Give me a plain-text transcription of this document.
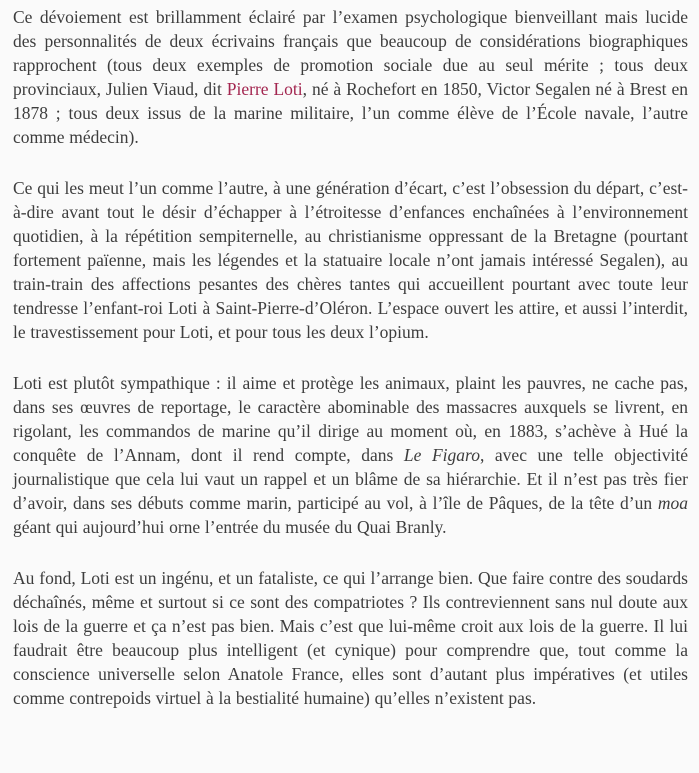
Ce dévoiement est brillamment éclairé par l’examen psychologique bienveillant mais lucide des personnalités de deux écrivains français que beaucoup de considérations biographiques rapprochent (tous deux exemples de promotion sociale due au seul mérite ; tous deux provinciaux, Julien Viaud, dit Pierre Loti, né à Rochefort en 1850, Victor Segalen né à Brest en 1878 ; tous deux issus de la marine militaire, l’un comme élève de l’École navale, l’autre comme médecin).

Ce qui les meut l’un comme l’autre, à une génération d’écart, c’est l’obsession du départ, c’est-à-dire avant tout le désir d’échapper à l’étroitesse d’enfances enchaînées à l’environnement quotidien, à la répétition sempiternelle, au christianisme oppressant de la Bretagne (pourtant fortement païenne, mais les légendes et la statuaire locale n’ont jamais intéressé Segalen), au train-train des affections pesantes des chères tantes qui accueillent pourtant avec toute leur tendresse l’enfant-roi Loti à Saint-Pierre-d’Oléron. L’espace ouvert les attire, et aussi l’interdit, le travestissement pour Loti, et pour tous les deux l’opium.

Loti est plutôt sympathique : il aime et protège les animaux, plaint les pauvres, ne cache pas, dans ses œuvres de reportage, le caractère abominable des massacres auxquels se livrent, en rigolant, les commandos de marine qu’il dirige au moment où, en 1883, s’achève à Hué la conquête de l’Annam, dont il rend compte, dans Le Figaro, avec une telle objectivité journalistique que cela lui vaut un rappel et un blâme de sa hiérarchie. Et il n’est pas très fier d’avoir, dans ses débuts comme marin, participé au vol, à l’île de Pâques, de la tête d’un moa géant qui aujourd’hui orne l’entrée du musée du Quai Branly.

Au fond, Loti est un ingénu, et un fataliste, ce qui l’arrange bien. Que faire contre des soudards déchaînés, même et surtout si ce sont des compatriotes ? Ils contreviennent sans nul doute aux lois de la guerre et ça n’est pas bien. Mais c’est que lui-même croit aux lois de la guerre. Il lui faudrait être beaucoup plus intelligent (et cynique) pour comprendre que, tout comme la conscience universelle selon Anatole France, elles sont d’autant plus impératives (et utiles comme contrepoids virtuel à la bestialité humaine) qu’elles n’existent pas.
